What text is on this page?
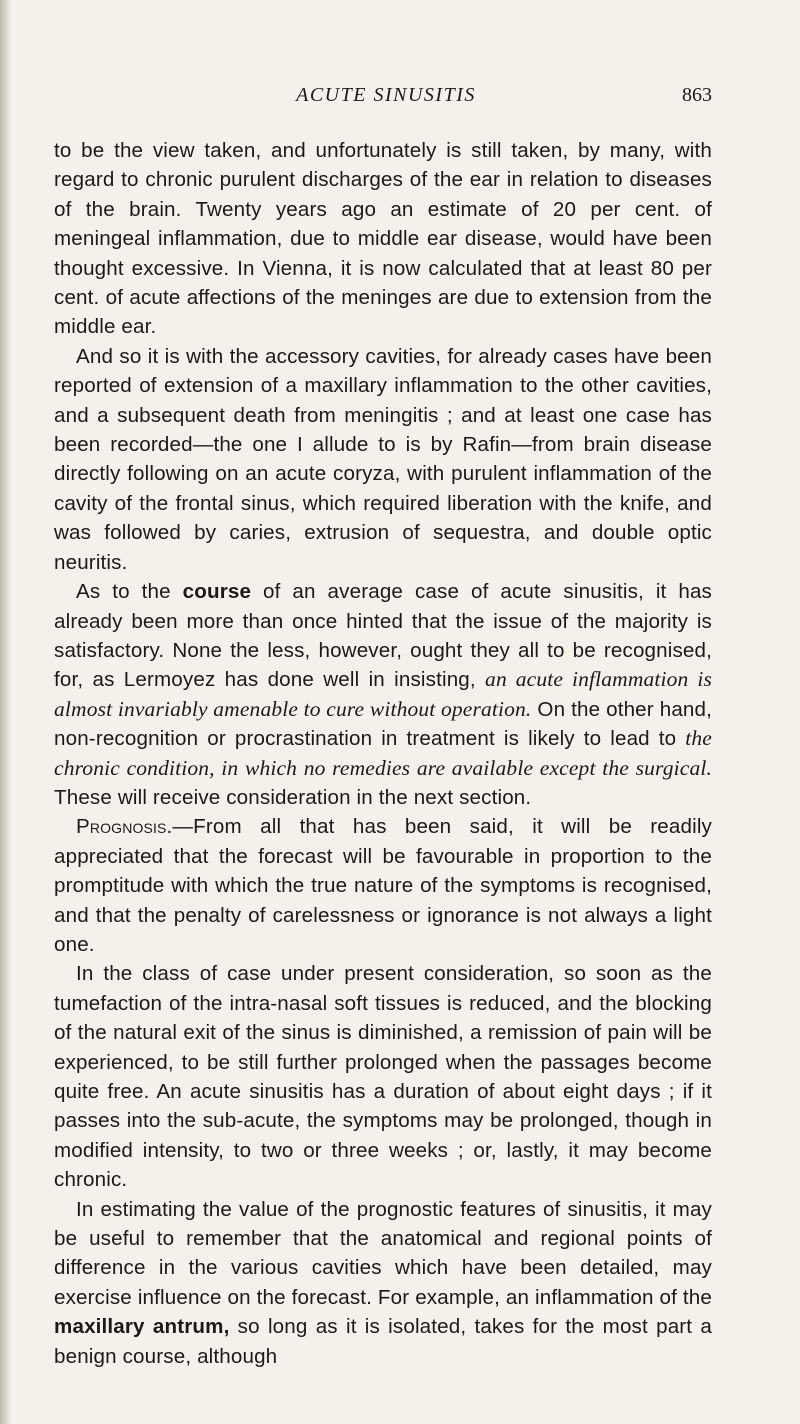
ACUTE SINUSITIS	863

to be the view taken, and unfortunately is still taken, by many, with regard to chronic purulent discharges of the ear in relation to diseases of the brain. Twenty years ago an estimate of 20 per cent. of meningeal inflammation, due to middle ear disease, would have been thought excessive. In Vienna, it is now calculated that at least 80 per cent. of acute affections of the meninges are due to extension from the middle ear.

And so it is with the accessory cavities, for already cases have been reported of extension of a maxillary inflammation to the other cavities, and a subsequent death from meningitis ; and at least one case has been recorded—the one I allude to is by Rafin—from brain disease directly following on an acute coryza, with purulent inflammation of the cavity of the frontal sinus, which required liberation with the knife, and was followed by caries, extrusion of sequestra, and double optic neuritis.

As to the course of an average case of acute sinusitis, it has already been more than once hinted that the issue of the majority is satisfactory. None the less, however, ought they all to be recognised, for, as Lermoyez has done well in insisting, an acute inflammation is almost invariably amenable to cure without operation. On the other hand, non-recognition or procrastination in treatment is likely to lead to the chronic condition, in which no remedies are available except the surgical. These will receive consideration in the next section.

Prognosis.—From all that has been said, it will be readily appreciated that the forecast will be favourable in proportion to the promptitude with which the true nature of the symptoms is recognised, and that the penalty of carelessness or ignorance is not always a light one.

In the class of case under present consideration, so soon as the tumefaction of the intra-nasal soft tissues is reduced, and the blocking of the natural exit of the sinus is diminished, a remission of pain will be experienced, to be still further prolonged when the passages become quite free. An acute sinusitis has a duration of about eight days ; if it passes into the sub-acute, the symptoms may be prolonged, though in modified intensity, to two or three weeks ; or, lastly, it may become chronic.

In estimating the value of the prognostic features of sinusitis, it may be useful to remember that the anatomical and regional points of difference in the various cavities which have been detailed, may exercise influence on the forecast. For example, an inflammation of the maxillary antrum, so long as it is isolated, takes for the most part a benign course, although
